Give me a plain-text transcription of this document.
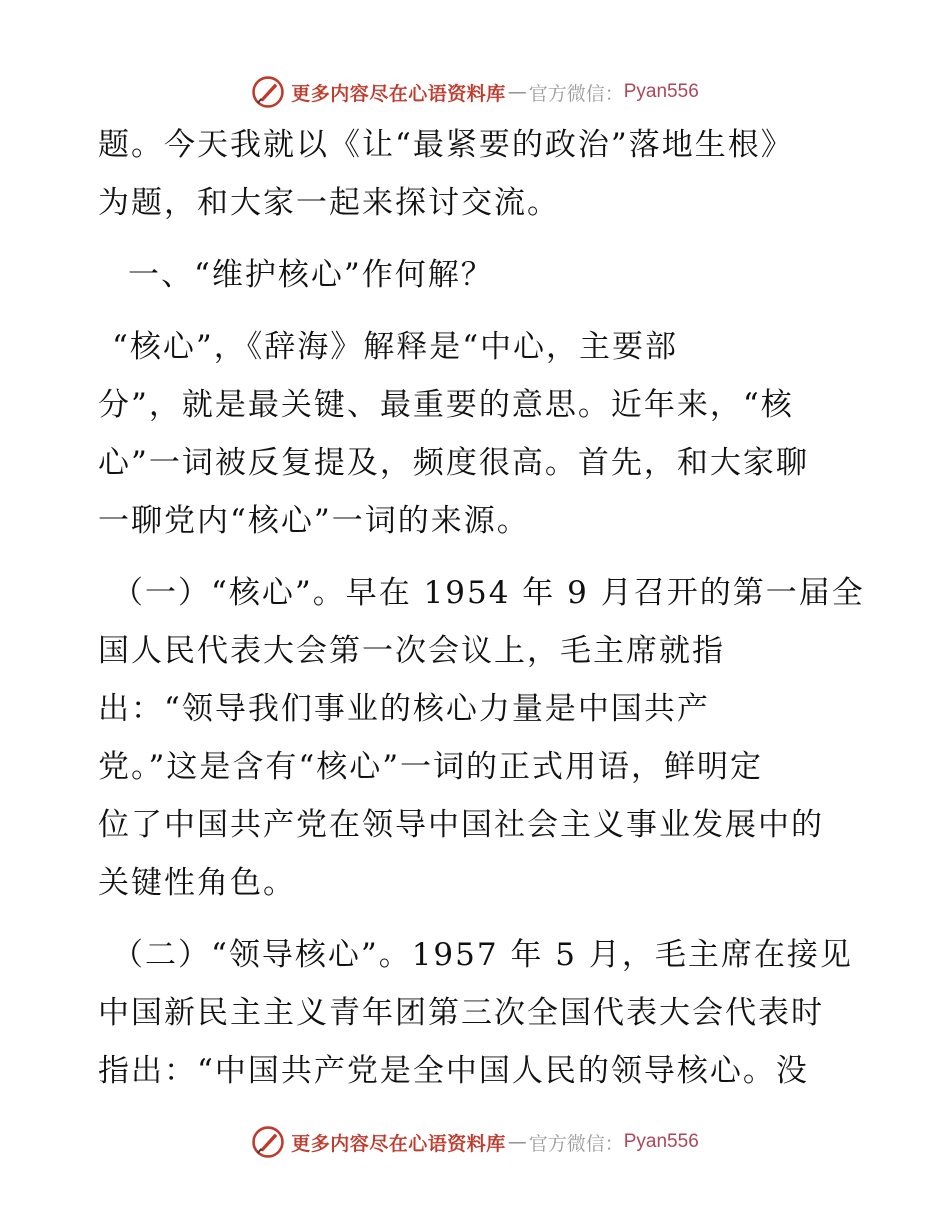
更多内容尽在心语资料库 — 官方微信： Pyan556
题。今天我就以《让“最紧要的政治”落地生根》
为题，和大家一起来探讨交流。
一、“维护核心”作何解？
“核心”，《辞海》解释是“中心，主要部
分”，就是最关键、最重要的意思。近年来，“核
心”一词被反复提及，频度很高。首先，和大家聊
一聊党内“核心”一词的来源。
（一）“核心”。早在 1954 年 9 月召开的第一届全
国人民代表大会第一次会议上，毛主席就指
出：“领导我们事业的核心力量是中国共产
党。”这是含有“核心”一词的正式用语，鲜明定
位了中国共产党在领导中国社会主义事业发展中的
关键性角色。
（二）“领导核心”。1957 年 5 月，毛主席在接见
中国新民主主义青年团第三次全国代表大会代表时
指出：“中国共产党是全中国人民的领导核心。没
更多内容尽在心语资料库 — 官方微信： Pyan556
